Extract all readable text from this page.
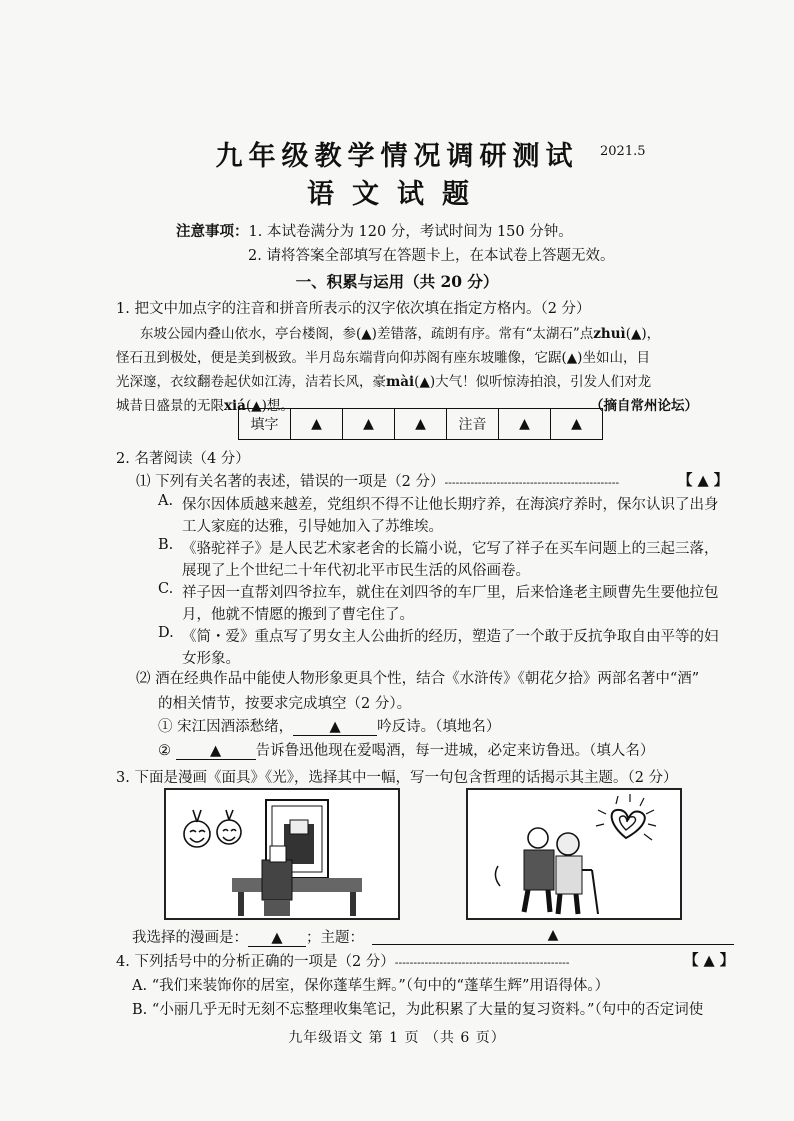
九年级教学情况调研测试	2021.5
语文试题
注意事项：1. 本试卷满分为 120 分，考试时间为 150 分钟。
2. 请将答案全部填写在答题卡上，在本试卷上答题无效。
一、积累与运用（共 20 分）
1. 把文中加点字的注音和拼音所表示的汉字依次填在指定方格内。（2 分）
东坡公园内叠山依水，亭台楼阁，参(▲)差错落，疏朗有序。常有“太湖石”点zhuì(▲)，
怪石丑到极处，便是美到极致。半月岛东端背向仰苏阁有座东坡雕像，它踞(▲)坐如山，目
光深邃，衣纹翻卷起伏如江涛，洁若长风，豪mài(▲)大气！似听惊涛拍浪，引发人们对龙
城昔日盛景的无限xiá(▲)想。	（摘自常州论坛）
填字	▲	▲	▲	注音	▲	▲
2. 名著阅读（4 分）
⑴ 下列有关名著的表述，错误的一项是（2 分）-----------------------------------------------	【 ▲ 】
A. 保尔因体质越来越差，党组织不得不让他长期疗养，在海滨疗养时，保尔认识了出身
工人家庭的达雅，引导她加入了苏维埃。
B. 《骆驼祥子》是人民艺术家老舍的长篇小说，它写了祥子在买车问题上的三起三落，
展现了上个世纪二十年代初北平市民生活的风俗画卷。
C. 祥子因一直帮刘四爷拉车，就住在刘四爷的车厂里，后来恰逢老主顾曹先生要他拉包
月，他就不情愿的搬到了曹宅住了。
D. 《简・爱》重点写了男女主人公曲折的经历，塑造了一个敢于反抗争取自由平等的妇
女形象。
⑵ 酒在经典作品中能使人物形象更具个性，结合《水浒传》《朝花夕拾》两部名著中“酒”
的相关情节，按要求完成填空（2 分）。
① 宋江因酒添愁绪，	▲	吟反诗。（填地名）
②	▲ 告诉鲁迅他现在爱喝酒，每一进城，必定来访鲁迅。（填人名）
3. 下面是漫画《面具》《光》，选择其中一幅，写一句包含哲理的话揭示其主题。（2 分）
我选择的漫画是： ▲ ；主题：	▲
4. 下列括号中的分析正确的一项是（2 分）-----------------------------------------------	【 ▲ 】
A. “我们来装饰你的居室，保你蓬荜生辉。”（句中的“蓬荜生辉”用语得体。）
B. “小丽几乎无时无刻不忘整理收集笔记，为此积累了大量的复习资料。”（句中的否定词使
九年级语文 第 1 页 （共 6 页）
